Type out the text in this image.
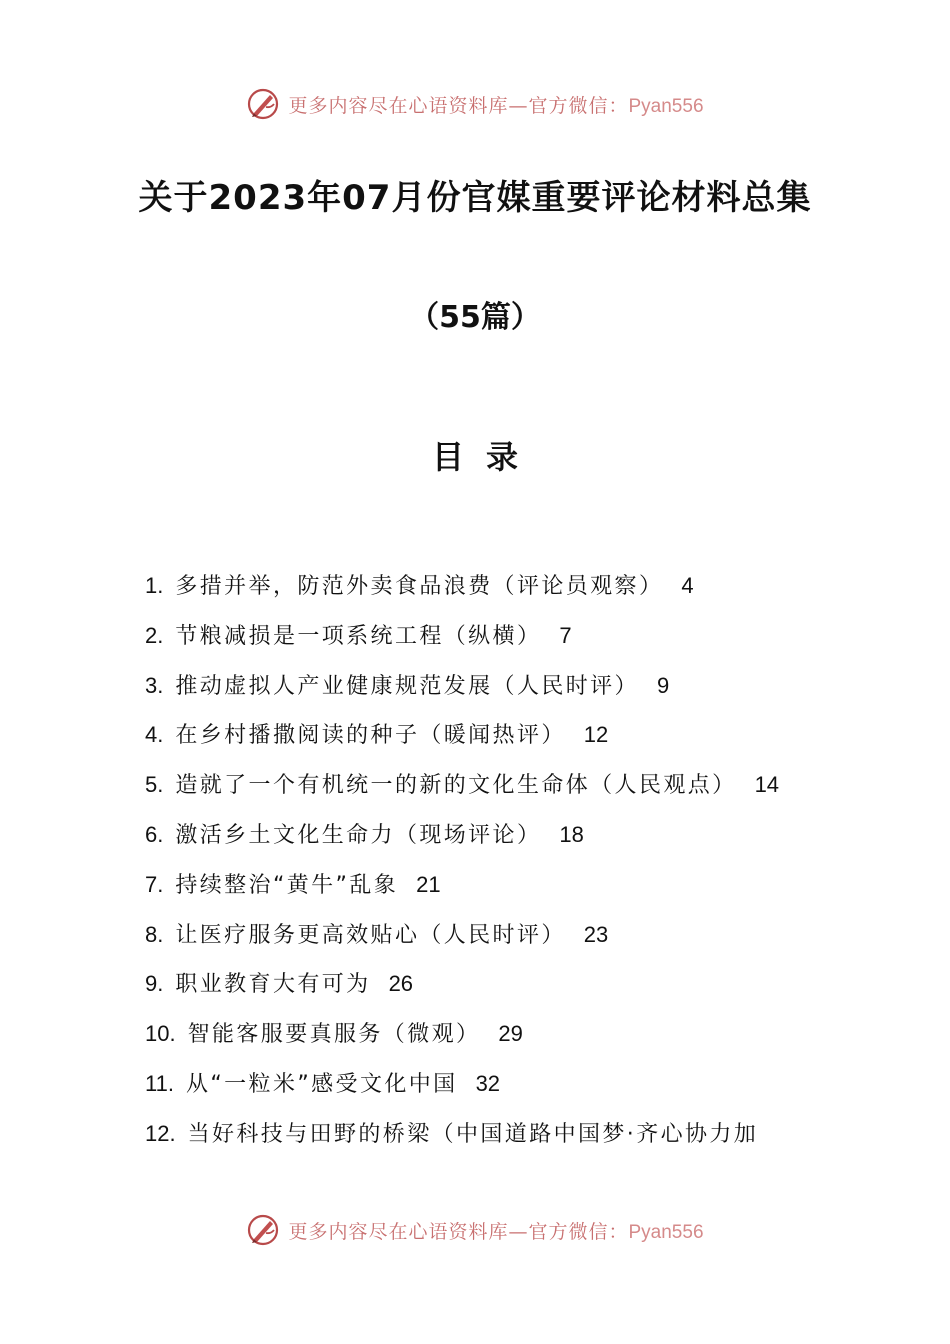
更多内容尽在心语资料库—官方微信：Pyan556
关于2023年07月份官媒重要评论材料总集
（55篇）
目录
1. 多措并举，防范外卖食品浪费（评论员观察） 4
2. 节粮减损是一项系统工程（纵横） 7
3. 推动虚拟人产业健康规范发展（人民时评） 9
4. 在乡村播撒阅读的种子（暖闻热评） 12
5. 造就了一个有机统一的新的文化生命体（人民观点） 14
6. 激活乡土文化生命力（现场评论） 18
7. 持续整治“黄牛”乱象 21
8. 让医疗服务更高效贴心（人民时评） 23
9. 职业教育大有可为 26
10. 智能客服要真服务（微观） 29
11. 从“一粒米”感受文化中国 32
12. 当好科技与田野的桥梁（中国道路中国梦·齐心协力加
更多内容尽在心语资料库—官方微信：Pyan556
